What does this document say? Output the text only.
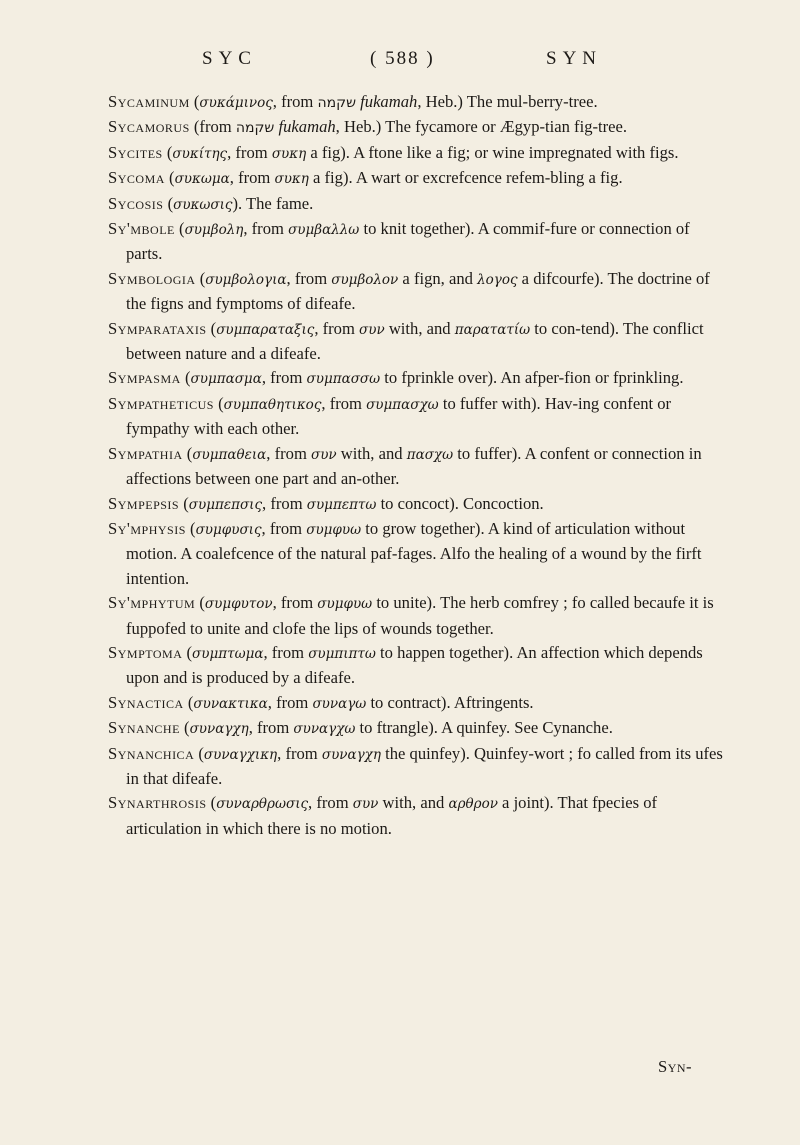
SYC	( 588 )	SYN

Sycaminum (συκάμινος, from שקמה fukamah, Heb.) The mul-berry-tree.

Sycamorus (from שקמה fukamah, Heb.) The fycamore or Ægyp-tian fig-tree.

Sycites (συκίτης, from συκη a fig). A ftone like a fig; or wine impregnated with figs.

Sycoma (συκωμα, from συκη a fig). A wart or excrefcence refem-bling a fig.

Sycosis (συκωσις). The fame.

Sy'mbole (συμβολη, from συμβαλλω to knit together). A commif-fure or connection of parts.

Symbologia (συμβολογια, from συμβολον a fign, and λογος a difcourfe). The doctrine of the figns and fymptoms of difeafe.

Symparataxis (συμπαραταξις, from συν with, and παρατατίω to con-tend). The conflict between nature and a difeafe.

Sympasma (συμπασμα, from συμπασσω to fprinkle over). An afper-fion or fprinkling.

Sympatheticus (συμπαθητικος, from συμπασχω to fuffer with). Hav-ing confent or fympathy with each other.

Sympathia (συμπαθεια, from συν with, and πασχω to fuffer). A confent or connection in affections between one part and an-other.

Sympepsis (συμπεπσις, from συμπεπτω to concoct). Concoction.

Sy'mphysis (συμφυσις, from συμφυω to grow together). A kind of articulation without motion. A coalefcence of the natural paf-fages. Alfo the healing of a wound by the firft intention.

Sy'mphytum (συμφυτον, from συμφυω to unite). The herb comfrey ; fo called becaufe it is fuppofed to unite and clofe the lips of wounds together.

Symptoma (συμπτωμα, from συμπιπτω to happen together). An affection which depends upon and is produced by a difeafe.

Synactica (συνακτικα, from συναγω to contract). Aftringents.

Synanche (συναγχη, from συναγχω to ftrangle). A quinfey. See Cynanche.

Synanchica (συναγχικη, from συναγχη the quinfey). Quinfey-wort ; fo called from its ufes in that difeafe.

Synarthrosis (συναρθρωσις, from συν with, and αρθρον a joint). That fpecies of articulation in which there is no motion.

Syn-
